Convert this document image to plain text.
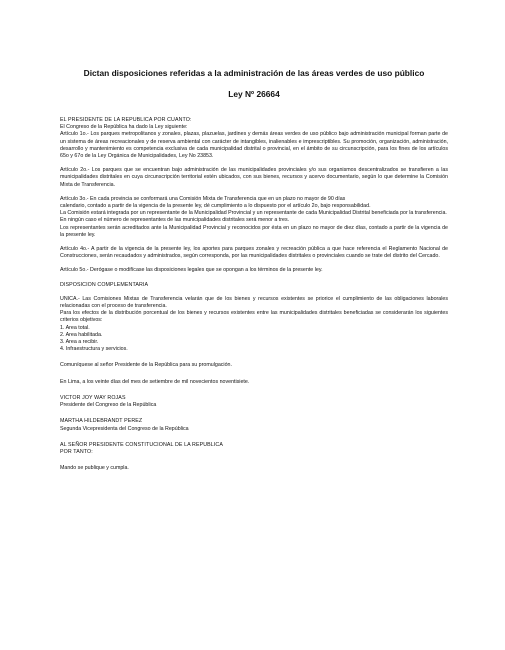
Dictan disposiciones referidas a la administración de las áreas verdes de uso público
Ley Nº 26664

EL PRESIDENTE DE LA REPUBLICA POR CUANTO:

El Congreso de la República ha dado la Ley siguiente:

Artículo 1o.- Los parques metropolitanos y zonales, plazas, plazuelas, jardines y demás áreas verdes de uso público bajo administración municipal forman parte de un sistema de áreas recreacionales y de reserva ambiental con carácter de intangibles, inalienables e imprescriptibles. Su promoción, organización, administración, desarrollo y mantenimiento es competencia exclusiva de cada municipalidad distrital o provincial, en el ámbito de su circunscripción, para los fines de los artículos 65o y 67o de la Ley Orgánica de Municipalidades, Ley No 23853.

Artículo 2o.- Los parques que se encuentran bajo administración de las municipalidades provinciales y/o sus organismos descentralizados se transfieren a las municipalidades distritales en cuya circunscripción territorial estén ubicados, con sus bienes, recursos y acervo documentario, según lo que determine la Comisión Mixta de Transferencia.

Artículo 3o.- En cada provincia se conformará una Comisión Mixta de Transferencia que en un plazo no mayor de 90 días

calendario, contado a partir de la vigencia de la presente ley, dé cumplimiento a lo dispuesto por el artículo 2o, bajo responsabilidad.

La Comisión estará integrada por un representante de la Municipalidad Provincial y un representante de cada Municipalidad Distrital beneficiada por la transferencia.

En ningún caso el número de representantes de las municipalidades distritales será menor a tres.

Los representantes serán acreditados ante la Municipalidad Provincial y reconocidos por ésta en un plazo no mayor de diez días, contado a partir de la vigencia de la presente ley.

Artículo 4o.- A partir de la vigencia de la presente ley, los aportes para parques zonales y recreación pública a que hace referencia el Reglamento Nacional de Construcciones, serán recaudados y administrados, según corresponda, por las municipalidades distritales o provinciales cuando se trate del distrito del Cercado.

Artículo 5o.- Derógase o modifícase las disposiciones legales que se opongan a los términos de la presente ley.

DISPOSICION COMPLEMENTARIA

UNICA.- Las Comisiones Mixtas de Transferencia velarán que de los bienes y recursos existentes se priorice el cumplimiento de las obligaciones laborales relacionadas con el proceso de transferencia.

Para los efectos de la distribución porcentual de los bienes y recursos existentes entre las municipalidades distritales beneficiadas se considerarán los siguientes criterios objetivos:

1. Area total.

2. Area habilitada.

3. Area a recibir.

4. Infraestructura y servicios.

Comuníquese al señor Presidente de la República para su promulgación.

En Lima, a los veinte días del mes de setiembre de mil novecientos noventisiete.

VICTOR JOY WAY ROJAS

Presidente del Congreso de la República

MARTHA HILDEBRANDT PEREZ

Segunda Vicepresidenta del Congreso de la República

AL SEÑOR PRESIDENTE CONSTITUCIONAL DE LA REPUBLICA

POR TANTO:

Mando se publique y cumpla.
